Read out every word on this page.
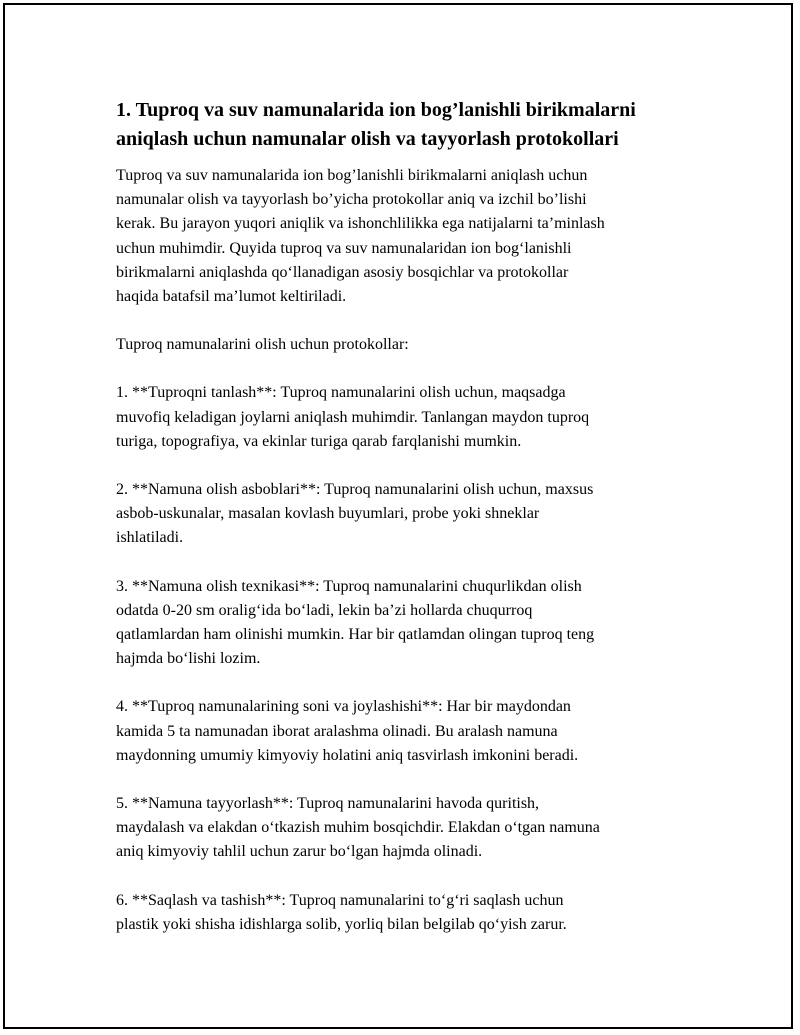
1. Tuproq va suv namunalarida ion bog’lanishli birikmalarni
aniqlash uchun namunalar olish va tayyorlash protokollari

Tuproq va suv namunalarida ion bog’lanishli birikmalarni aniqlash uchun
namunalar olish va tayyorlash bo’yicha protokollar aniq va izchil bo’lishi
kerak. Bu jarayon yuqori aniqlik va ishonchlilikka ega natijalarni ta’minlash
uchun muhimdir. Quyida tuproq va suv namunalaridan ion bog‘lanishli
birikmalarni aniqlashda qo‘llanadigan asosiy bosqichlar va protokollar
haqida batafsil ma’lumot keltiriladi.

Tuproq namunalarini olish uchun protokollar:

1. **Tuproqni tanlash**: Tuproq namunalarini olish uchun, maqsadga
muvofiq keladigan joylarni aniqlash muhimdir. Tanlangan maydon tuproq
turiga, topografiya, va ekinlar turiga qarab farqlanishi mumkin.

2. **Namuna olish asboblari**: Tuproq namunalarini olish uchun, maxsus
asbob-uskunalar, masalan kovlash buyumlari, probe yoki shneklar
ishlatiladi.

3. **Namuna olish texnikasi**: Tuproq namunalarini chuqurlikdan olish
odatda 0-20 sm oralig‘ida bo‘ladi, lekin ba’zi hollarda chuqurroq
qatlamlardan ham olinishi mumkin. Har bir qatlamdan olingan tuproq teng
hajmda bo‘lishi lozim.

4. **Tuproq namunalarining soni va joylashishi**: Har bir maydondan
kamida 5 ta namunadan iborat aralashma olinadi. Bu aralash namuna
maydonning umumiy kimyoviy holatini aniq tasvirlash imkonini beradi.

5. **Namuna tayyorlash**: Tuproq namunalarini havoda quritish,
maydalash va elakdan o‘tkazish muhim bosqichdir. Elakdan o‘tgan namuna
aniq kimyoviy tahlil uchun zarur bo‘lgan hajmda olinadi.

6. **Saqlash va tashish**: Tuproq namunalarini to‘g‘ri saqlash uchun
plastik yoki shisha idishlarga solib, yorliq bilan belgilab qo‘yish zarur.
